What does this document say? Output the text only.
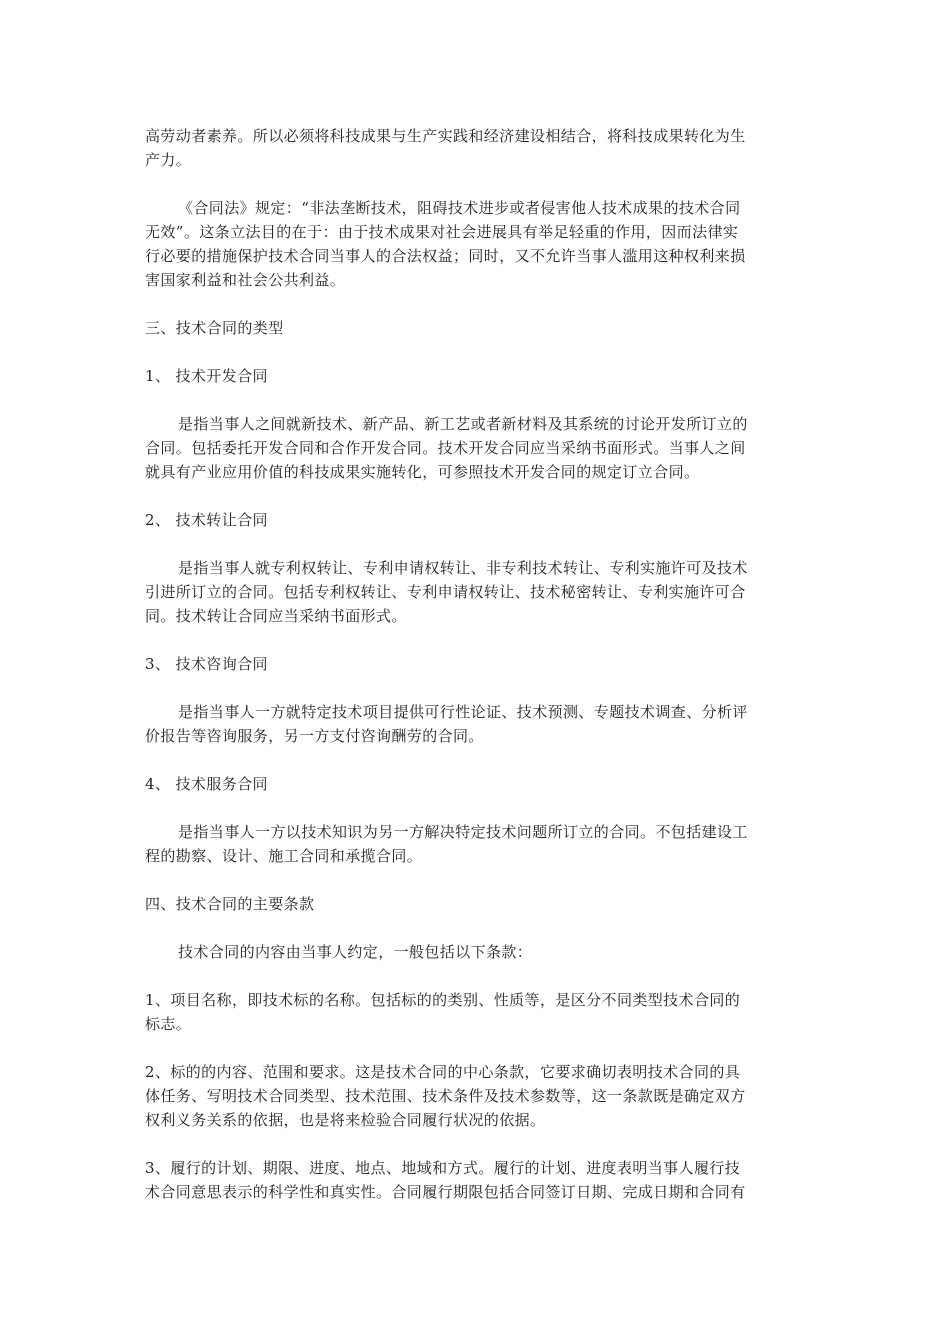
高劳动者素养。所以必须将科技成果与生产实践和经济建设相结合，将科技成果转化为生
产力。
《合同法》规定：“非法垄断技术，阻碍技术进步或者侵害他人技术成果的技术合同
无效”。这条立法目的在于：由于技术成果对社会进展具有举足轻重的作用，因而法律实
行必要的措施保护技术合同当事人的合法权益；同时，又不允许当事人滥用这种权利来损
害国家利益和社会公共利益。
三、技术合同的类型
1、 技术开发合同
是指当事人之间就新技术、新产品、新工艺或者新材料及其系统的讨论开发所订立的
合同。包括委托开发合同和合作开发合同。技术开发合同应当采纳书面形式。当事人之间
就具有产业应用价值的科技成果实施转化，可参照技术开发合同的规定订立合同。
2、 技术转让合同
是指当事人就专利权转让、专利申请权转让、非专利技术转让、专利实施许可及技术
引进所订立的合同。包括专利权转让、专利申请权转让、技术秘密转让、专利实施许可合
同。技术转让合同应当采纳书面形式。
3、 技术咨询合同
是指当事人一方就特定技术项目提供可行性论证、技术预测、专题技术调查、分析评
价报告等咨询服务，另一方支付咨询酬劳的合同。
4、 技术服务合同
是指当事人一方以技术知识为另一方解决特定技术问题所订立的合同。不包括建设工
程的勘察、设计、施工合同和承揽合同。
四、技术合同的主要条款
技术合同的内容由当事人约定，一般包括以下条款：
1、项目名称，即技术标的名称。包括标的的类别、性质等，是区分不同类型技术合同的
标志。
2、标的的内容、范围和要求。这是技术合同的中心条款，它要求确切表明技术合同的具
体任务、写明技术合同类型、技术范围、技术条件及技术参数等，这一条款既是确定双方
权利义务关系的依据，也是将来检验合同履行状况的依据。
3、履行的计划、期限、进度、地点、地域和方式。履行的计划、进度表明当事人履行技
术合同意思表示的科学性和真实性。合同履行期限包括合同签订日期、完成日期和合同有
